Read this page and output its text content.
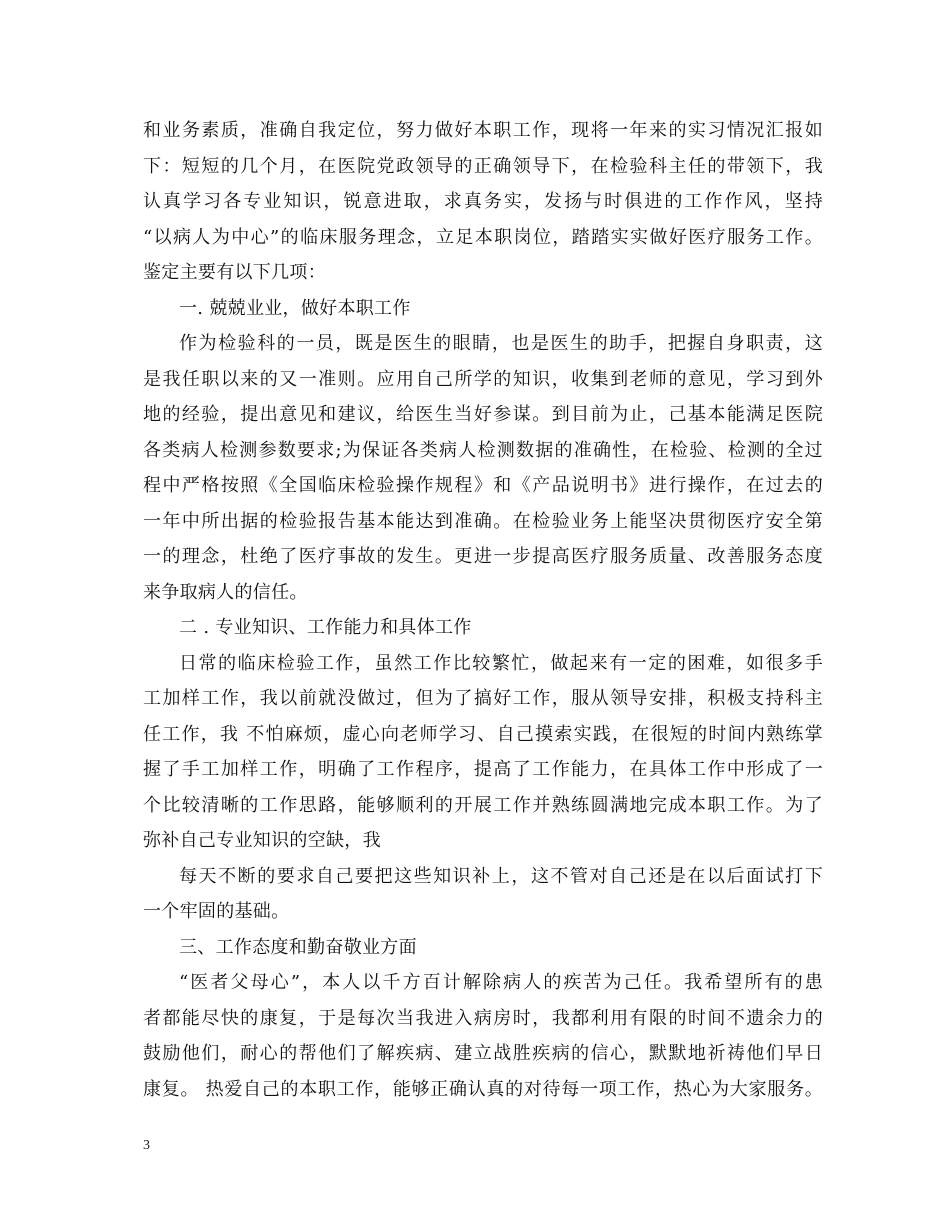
和业务素质，准确自我定位，努力做好本职工作，现将一年来的实习情况汇报如
下：短短的几个月，在医院党政领导的正确领导下，在检验科主任的带领下，我
认真学习各专业知识，锐意进取，求真务实，发扬与时俱进的工作作风，坚持
“以病人为中心”的临床服务理念，立足本职岗位，踏踏实实做好医疗服务工作。
鉴定主要有以下几项：
一. 兢兢业业，做好本职工作
作为检验科的一员，既是医生的眼睛，也是医生的助手，把握自身职责，这
是我任职以来的又一准则。应用自己所学的知识，收集到老师的意见，学习到外
地的经验，提出意见和建议，给医生当好参谋。到目前为止，己基本能满足医院
各类病人检测参数要求;为保证各类病人检测数据的准确性，在检验、检测的全过
程中严格按照《全国临床检验操作规程》和《产品说明书》进行操作，在过去的
一年中所出据的检验报告基本能达到准确。在检验业务上能坚决贯彻医疗安全第
一的理念，杜绝了医疗事故的发生。更进一步提高医疗服务质量、改善服务态度
来争取病人的信任。
二 . 专业知识、工作能力和具体工作
日常的临床检验工作，虽然工作比较繁忙，做起来有一定的困难，如很多手
工加样工作，我以前就没做过，但为了搞好工作，服从领导安排，积极支持科主
任工作，我 不怕麻烦，虚心向老师学习、自己摸索实践，在很短的时间内熟练掌
握了手工加样工作，明确了工作程序，提高了工作能力，在具体工作中形成了一
个比较清晰的工作思路，能够顺利的开展工作并熟练圆满地完成本职工作。为了
弥补自己专业知识的空缺，我
每天不断的要求自己要把这些知识补上，这不管对自己还是在以后面试打下
一个牢固的基础。
三、工作态度和勤奋敬业方面
“医者父母心”，本人以千方百计解除病人的疾苦为己任。我希望所有的患
者都能尽快的康复，于是每次当我进入病房时，我都利用有限的时间不遗余力的
鼓励他们，耐心的帮他们了解疾病、建立战胜疾病的信心，默默地祈祷他们早日
康复。 热爱自己的本职工作，能够正确认真的对待每一项工作，热心为大家服务。
3
